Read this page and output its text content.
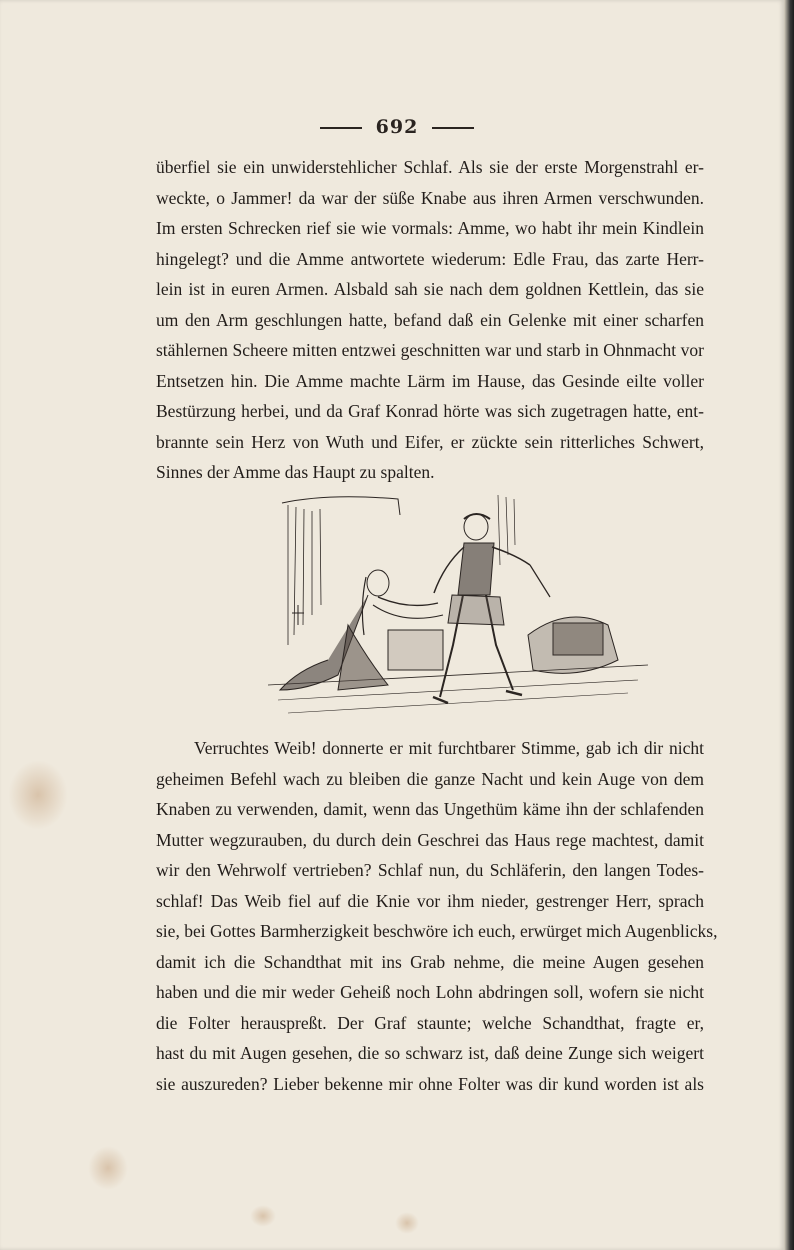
692
überfiel sie ein unwiderstehlicher Schlaf. Als sie der erste Morgenstrahl er-
weckte, o Jammer! da war der süße Knabe aus ihren Armen verschwunden.
Im ersten Schrecken rief sie wie vormals: Amme, wo habt ihr mein Kindlein
hingelegt? und die Amme antwortete wiederum: Edle Frau, das zarte Herr-
lein ist in euren Armen. Alsbald sah sie nach dem goldnen Kettlein, das sie
um den Arm geschlungen hatte, befand daß ein Gelenke mit einer scharfen
stählernen Scheere mitten entzwei geschnitten war und starb in Ohnmacht vor
Entsetzen hin. Die Amme machte Lärm im Hause, das Gesinde eilte voller
Bestürzung herbei, und da Graf Konrad hörte was sich zugetragen hatte, ent-
brannte sein Herz von Wuth und Eifer, er zückte sein ritterliches Schwert,
Sinnes der Amme das Haupt zu spalten.
Verruchtes Weib! donnerte er mit furchtbarer Stimme, gab ich dir nicht
geheimen Befehl wach zu bleiben die ganze Nacht und kein Auge von dem
Knaben zu verwenden, damit, wenn das Ungethüm käme ihn der schlafenden
Mutter wegzurauben, du durch dein Geschrei das Haus rege machtest, damit
wir den Wehrwolf vertrieben? Schlaf nun, du Schläferin, den langen Todes-
schlaf! Das Weib fiel auf die Knie vor ihm nieder, gestrenger Herr, sprach
sie, bei Gottes Barmherzigkeit beschwöre ich euch, erwürget mich Augenblicks,
damit ich die Schandthat mit ins Grab nehme, die meine Augen gesehen
haben und die mir weder Geheiß noch Lohn abdringen soll, wofern sie nicht
die Folter herauspreßt. Der Graf staunte; welche Schandthat, fragte er,
hast du mit Augen gesehen, die so schwarz ist, daß deine Zunge sich weigert
sie auszureden? Lieber bekenne mir ohne Folter was dir kund worden ist als
